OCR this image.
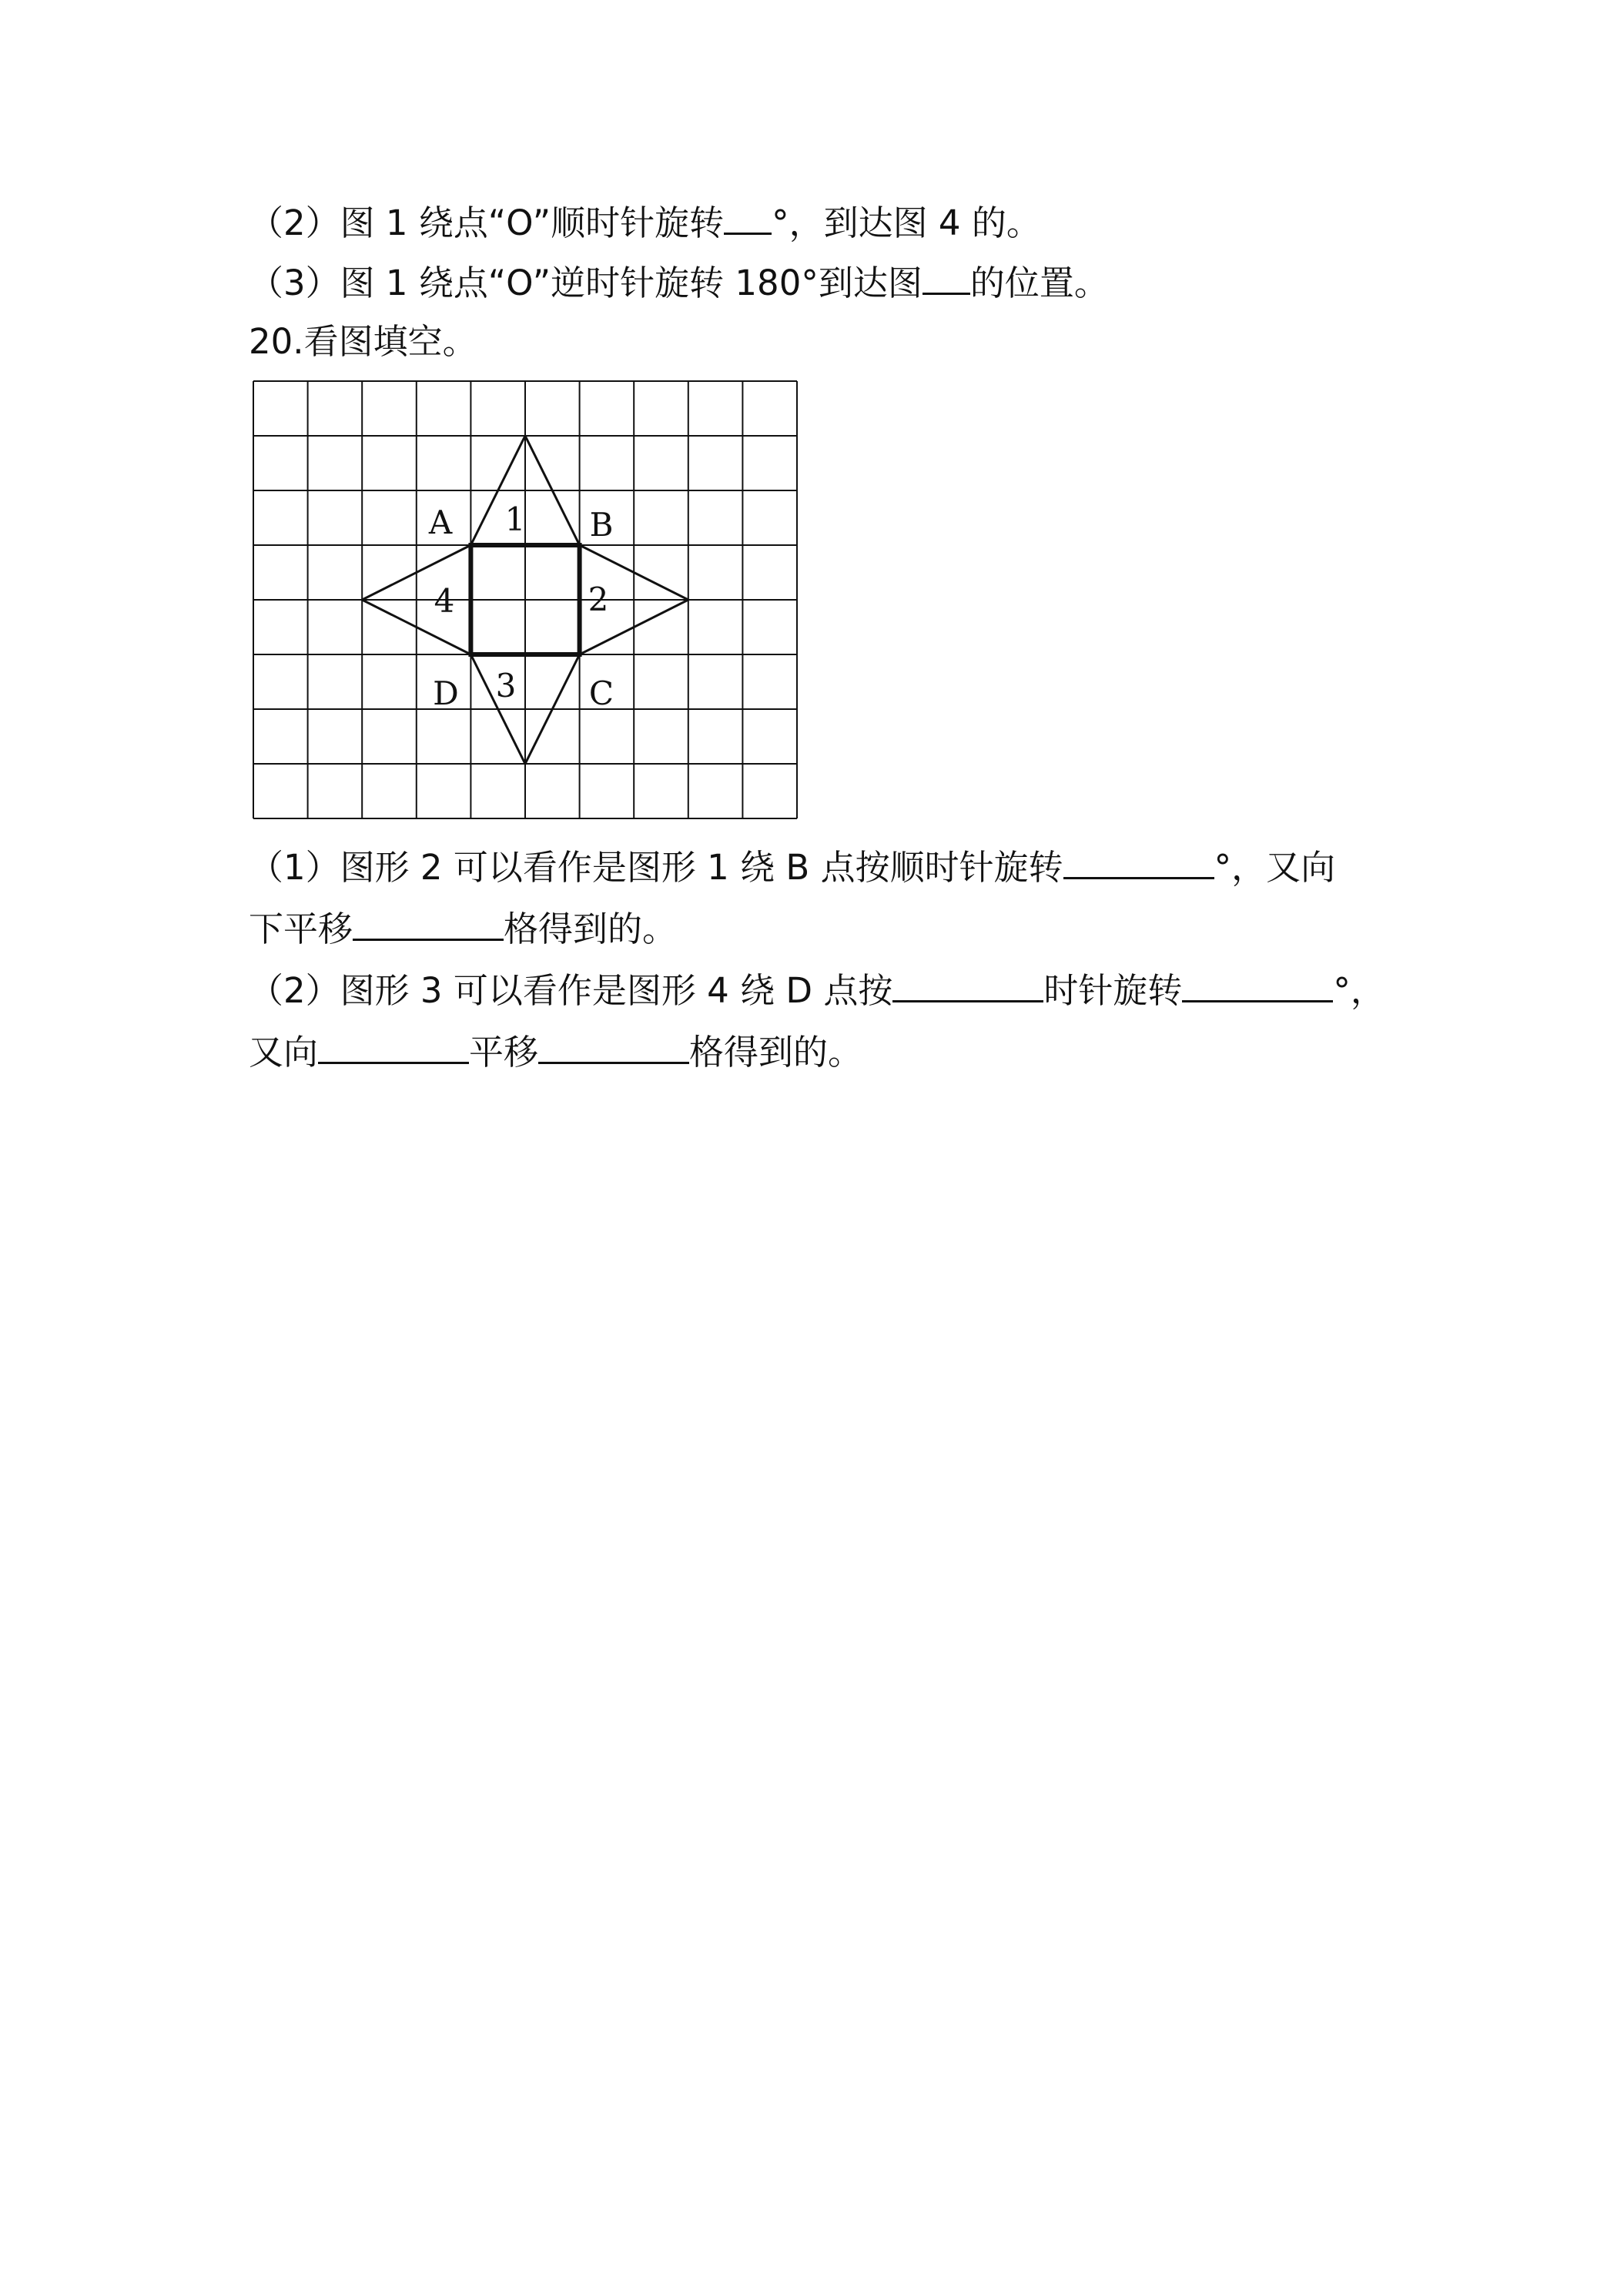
（2）图 1 绕点“O”顺时针旋转 °，到达图 4 的。
（3）图 1 绕点“O”逆时针旋转 180°到达图 的位置。
20.看图填空。
A	B
C
D
1
2
3
4
（1）图形 2 可以看作是图形 1 绕 B 点按顺时针旋转	°，又向
下平移	格得到的。
（2）图形 3 可以看作是图形 4 绕 D 点按	时针旋转	°，
又向	平移	格得到的。
